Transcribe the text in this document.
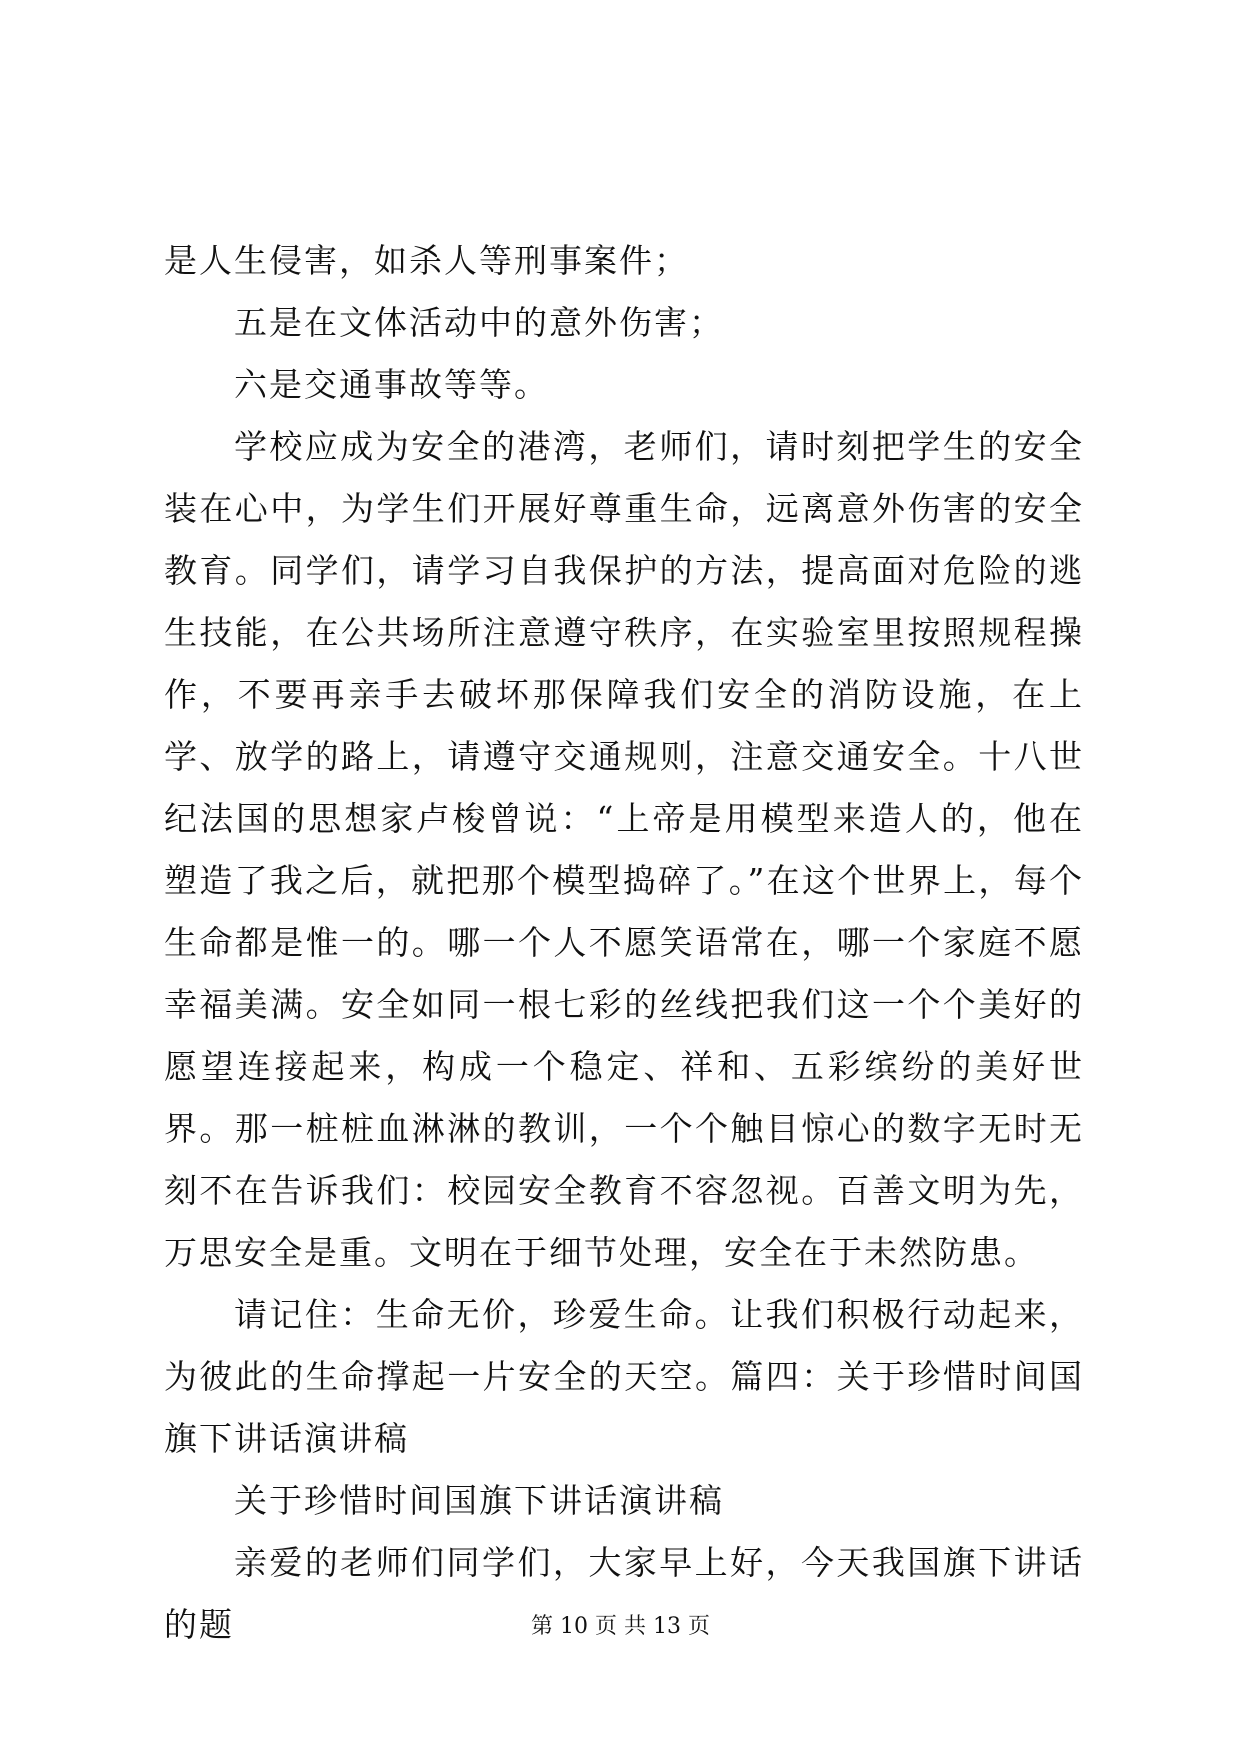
是人生侵害，如杀人等刑事案件；

五是在文体活动中的意外伤害；

六是交通事故等等。

学校应成为安全的港湾，老师们，请时刻把学生的安全装在心中，为学生们开展好尊重生命，远离意外伤害的安全教育。同学们，请学习自我保护的方法，提高面对危险的逃生技能，在公共场所注意遵守秩序，在实验室里按照规程操作，不要再亲手去破坏那保障我们安全的消防设施，在上学、放学的路上，请遵守交通规则，注意交通安全。十八世纪法国的思想家卢梭曾说：“上帝是用模型来造人的，他在塑造了我之后，就把那个模型捣碎了。”在这个世界上，每个生命都是惟一的。哪一个人不愿笑语常在，哪一个家庭不愿幸福美满。安全如同一根七彩的丝线把我们这一个个美好的愿望连接起来，构成一个稳定、祥和、五彩缤纷的美好世界。那一桩桩血淋淋的教训，一个个触目惊心的数字无时无刻不在告诉我们：校园安全教育不容忽视。百善文明为先，万思安全是重。文明在于细节处理，安全在于未然防患。

请记住：生命无价，珍爱生命。让我们积极行动起来，为彼此的生命撑起一片安全的天空。篇四：关于珍惜时间国旗下讲话演讲稿

关于珍惜时间国旗下讲话演讲稿

亲爱的老师们同学们，大家早上好，今天我国旗下讲话的题	第 10 页 共 13 页
